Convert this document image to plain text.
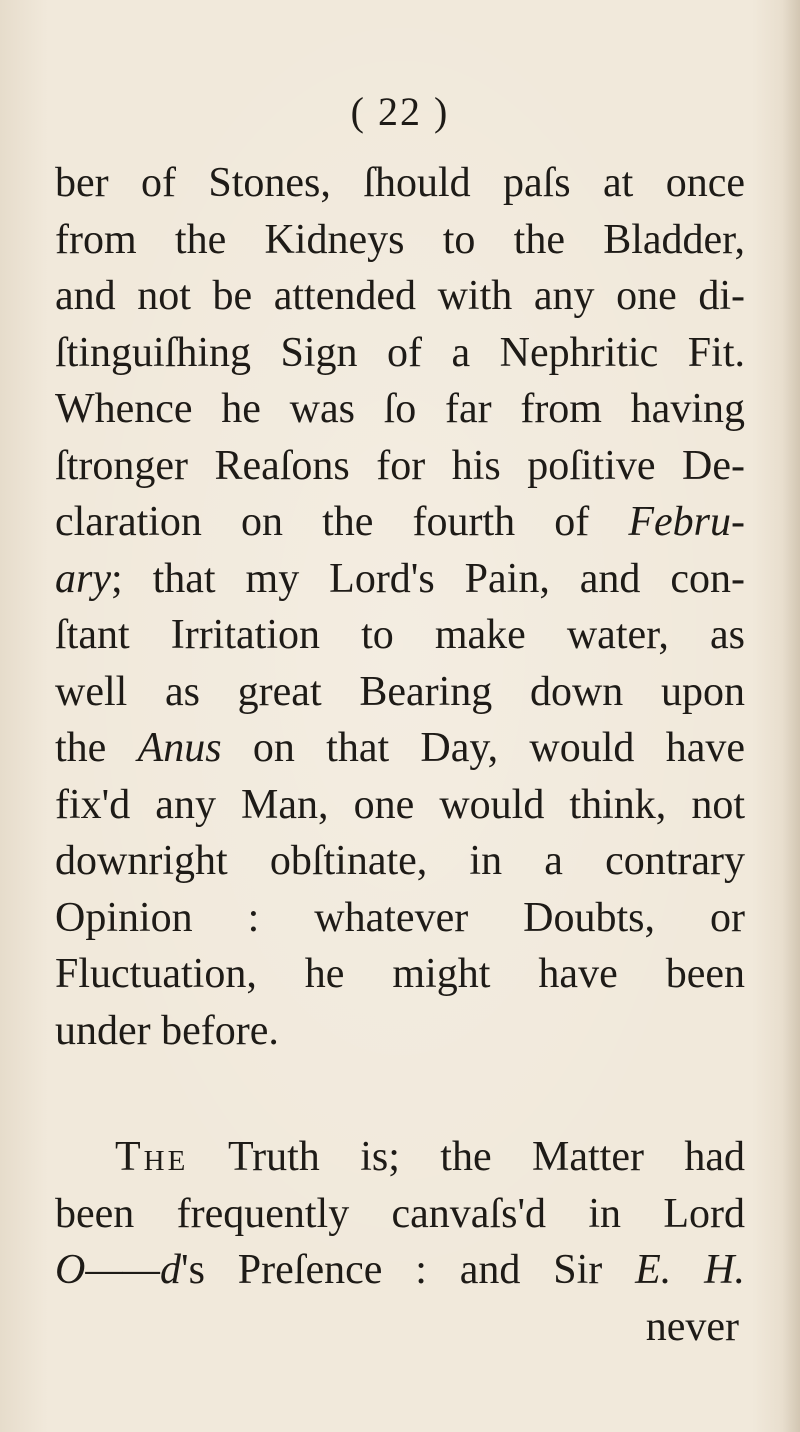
( 22 )
ber of Stones, ſhould paſs at once
from the Kidneys to the Bladder,
and not be attended with any one di-
ſtinguiſhing Sign of a Nephritic Fit.
Whence he was ſo far from having
ſtronger Reaſons for his poſitive De-
claration on the fourth of Febru-
ary; that my Lord's Pain, and con-
ſtant Irritation to make water, as
well as great Bearing down upon
the Anus on that Day, would have
fix'd any Man, one would think, not
downright obſtinate, in a contrary
Opinion : whatever Doubts, or
Fluctuation, he might have been
under before.
The Truth is; the Matter had
been frequently canvaſs'd in Lord
O——d's Preſence : and Sir E. H.
never
